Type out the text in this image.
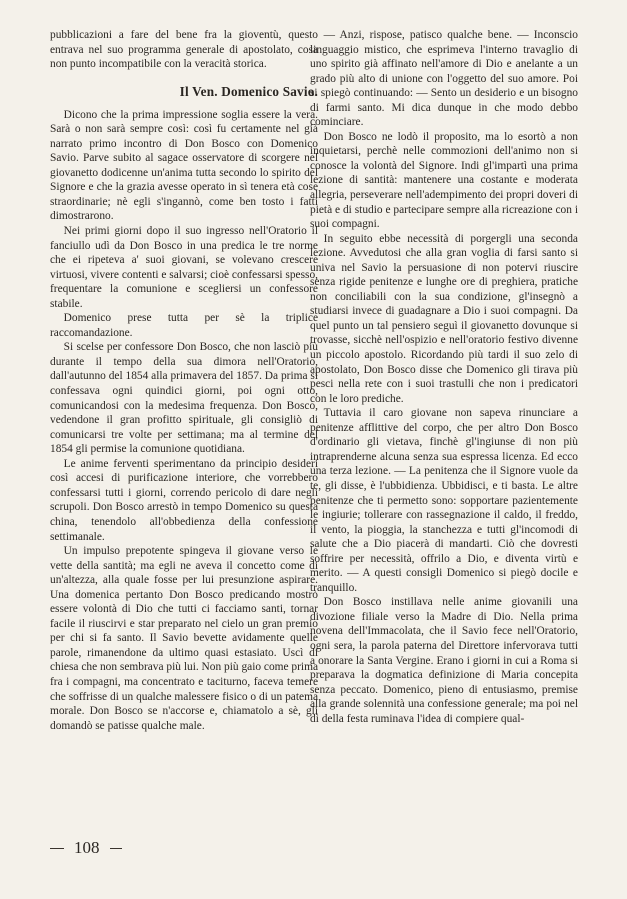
pubblicazioni a fare del bene fra la gioventù, questo entrava nel suo programma generale di apostolato, cosa non punto incompatibile con la veracità storica.

Il Ven. Domenico Savio.

Dicono che la prima impressione soglia essere la vera. Sarà o non sarà sempre così: così fu certamente nel già narrato primo incontro di Don Bosco con Domenico Savio. Parve subito al sagace osservatore di scorgere nel giovanetto dodicenne un'anima tutta secondo lo spirito del Signore e che la grazia avesse operato in sì tenera età cose straordinarie; nè egli s'ingannò, come ben tosto i fatti dimostrarono.

Nei primi giorni dopo il suo ingresso nell'Oratorio il fanciullo udì da Don Bosco in una predica le tre norme che ei ripeteva a' suoi giovani, se volevano crescere virtuosi, vivere contenti e salvarsi; cioè confessarsi spesso, frequentare la comunione e scegliersi un confessore stabile.

Domenico prese tutta per sè la triplice raccomandazione.

Si scelse per confessore Don Bosco, che non lasciò più durante il tempo della sua dimora nell'Oratorio, dall'autunno del 1854 alla primavera del 1857. Da prima si confessava ogni quindici giorni, poi ogni otto, comunicandosi con la medesima frequenza. Don Bosco, vedendone il gran profitto spirituale, gli consigliò di comunicarsi tre volte per settimana; ma al termine del 1854 gli permise la comunione quotidiana.

Le anime ferventi sperimentano da principio desideri così accesi di purificazione interiore, che vorrebbero confessarsi tutti i giorni, correndo pericolo di dare negli scrupoli. Don Bosco arrestò in tempo Domenico su questa china, tenendolo all'obbedienza della confessione settimanale.

Un impulso prepotente spingeva il giovane verso le vette della santità; ma egli ne aveva il concetto come di un'altezza, alla quale fosse per lui presunzione aspirare. Una domenica pertanto Don Bosco predicando mostrò essere volontà di Dio che tutti ci facciamo santi, tornar facile il riuscirvi e star preparato nel cielo un gran premio per chi si fa santo. Il Savio bevette avidamente quelle parole, rimanendone da ultimo quasi estasiato. Uscì di chiesa che non sembrava più lui. Non più gaio come prima fra i compagni, ma concentrato e taciturno, faceva temere che soffrisse di un qualche malessere fisico o di un patema morale. Don Bosco se n'accorse e, chiamatolo a sè, gli domandò se patisse qualche male.

— Anzi, rispose, patisco qualche bene. — Inconscio linguaggio mistico, che esprimeva l'interno travaglio di uno spirito già affinato nell'amore di Dio e anelante a un grado più alto di unione con l'oggetto del suo amore. Poi si spiegò continuando: — Sento un desiderio e un bisogno di farmi santo. Mi dica dunque in che modo debbo cominciare.

Don Bosco ne lodò il proposito, ma lo esortò a non inquietarsi, perchè nelle commozioni dell'animo non si conosce la volontà del Signore. Indi gl'impartì una prima lezione di santità: mantenere una costante e moderata allegria, perseverare nell'adempimento dei propri doveri di pietà e di studio e partecipare sempre alla ricreazione con i suoi compagni.

In seguito ebbe necessità di porgergli una seconda lezione. Avvedutosi che alla gran voglia di farsi santo si univa nel Savio la persuasione di non potervi riuscire senza rigide penitenze e lunghe ore di preghiera, pratiche non conciliabili con la sua condizione, gl'insegnò a studiarsi invece di guadagnare a Dio i suoi compagni. Da quel punto un tal pensiero seguì il giovanetto dovunque si trovasse, sicchè nell'ospizio e nell'oratorio festivo divenne un piccolo apostolo. Ricordando più tardi il suo zelo di apostolato, Don Bosco disse che Domenico gli tirava più pesci nella rete con i suoi trastulli che non i predicatori con le loro prediche.

Tuttavia il caro giovane non sapeva rinunciare a penitenze afflittive del corpo, che per altro Don Bosco d'ordinario gli vietava, finchè gl'ingiunse di non più intraprenderne alcuna senza sua espressa licenza. Ed ecco una terza lezione. — La penitenza che il Signore vuole da te, gli disse, è l'ubbidienza. Ubbidisci, e ti basta. Le altre penitenze che ti permetto sono: sopportare pazientemente le ingiurie; tollerare con rassegnazione il caldo, il freddo, il vento, la pioggia, la stanchezza e tutti gl'incomodi di salute che a Dio piacerà di mandarti. Ciò che dovresti soffrire per necessità, offrilo a Dio, e diventa virtù e merito. — A questi consigli Domenico si piegò docile e tranquillo.

Don Bosco instillava nelle anime giovanili una divozione filiale verso la Madre di Dio. Nella prima novena dell'Immacolata, che il Savio fece nell'Oratorio, ogni sera, la parola paterna del Direttore infervorava tutti a onorare la Santa Vergine. Erano i giorni in cui a Roma si preparava la dogmatica definizione di Maria concepita senza peccato. Domenico, pieno di entusiasmo, premise alla grande solennità una confessione generale; ma poi nel dì della festa ruminava l'idea di compiere qual-

108
